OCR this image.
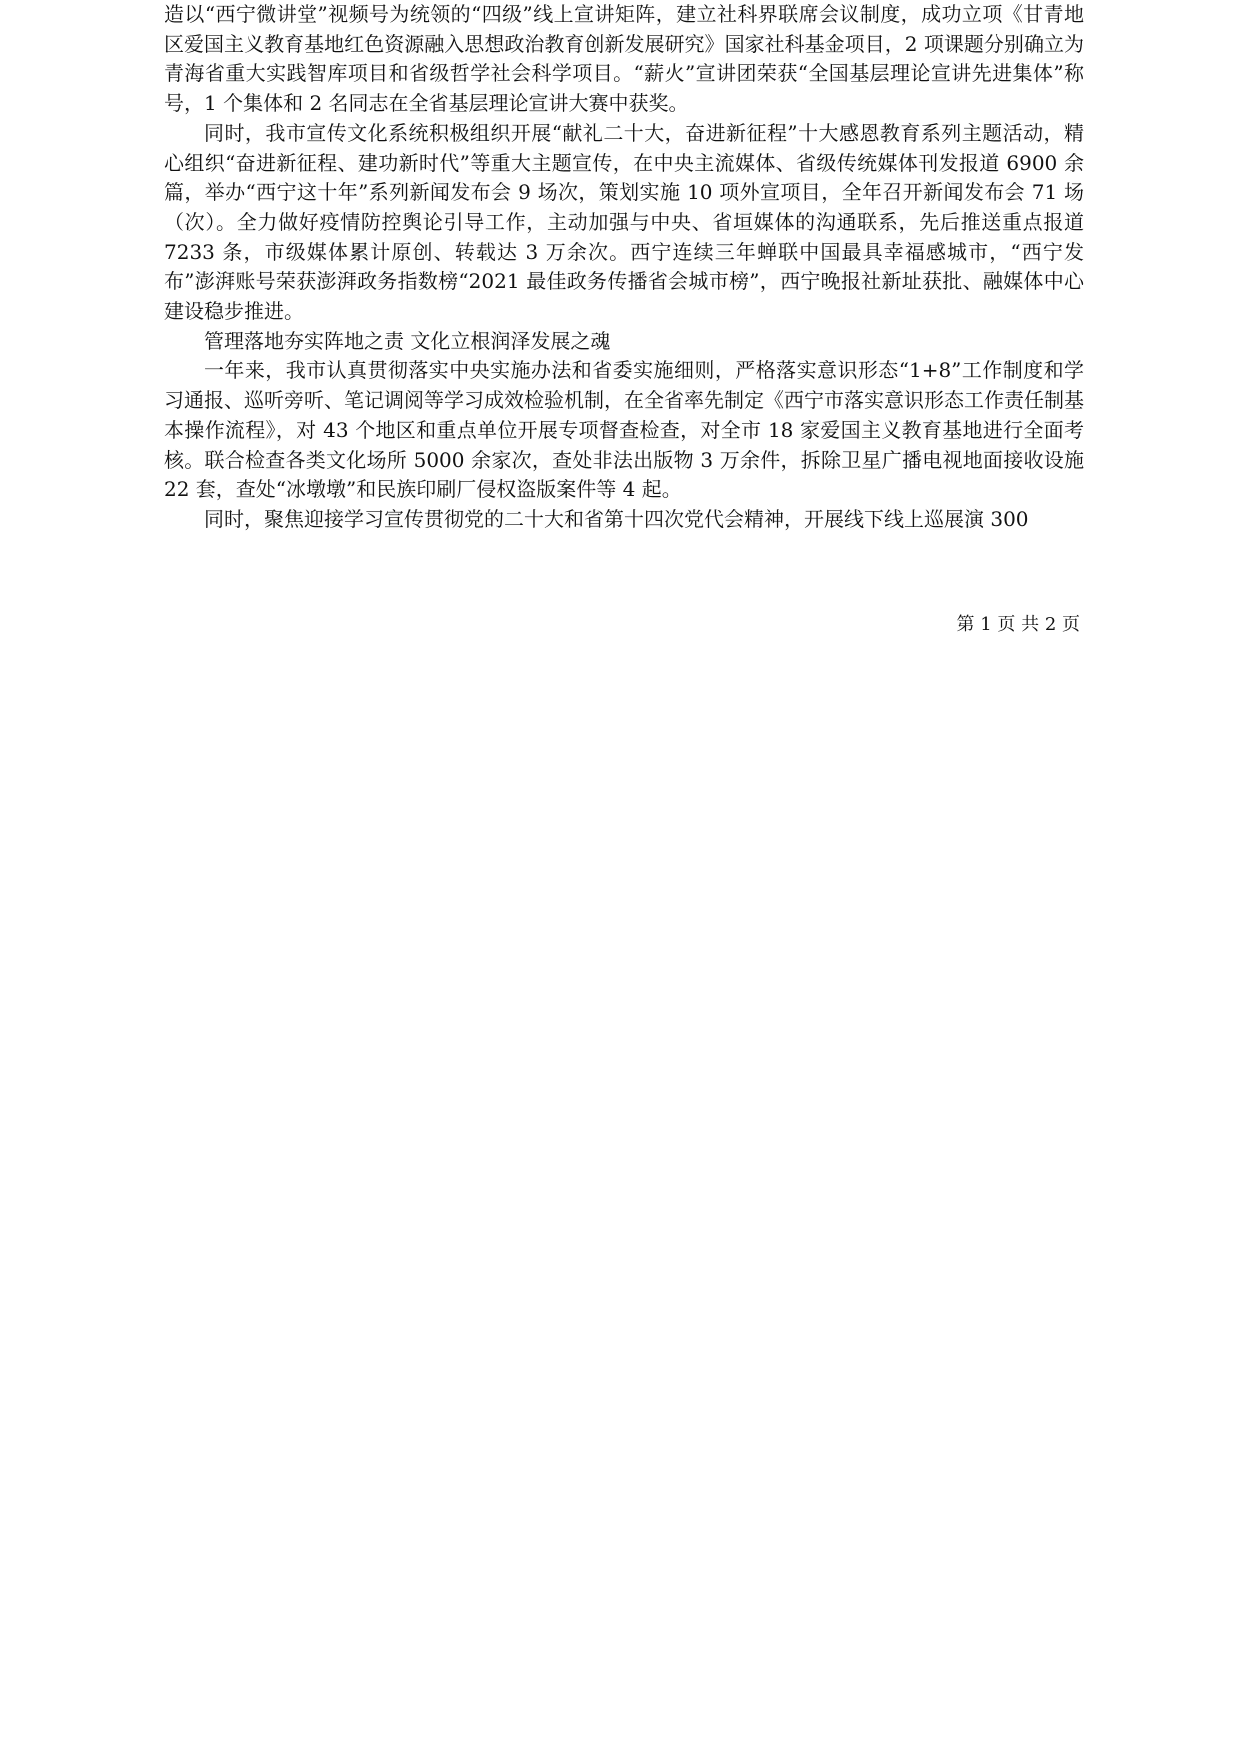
造以“西宁微讲堂”视频号为统领的“四级”线上宣讲矩阵，建立社科界联席会议制度，成功立项《甘青地区爱国主义教育基地红色资源融入思想政治教育创新发展研究》国家社科基金项目，2 项课题分别确立为青海省重大实践智库项目和省级哲学社会科学项目。“薪火”宣讲团荣获“全国基层理论宣讲先进集体”称号，1 个集体和 2 名同志在全省基层理论宣讲大赛中获奖。

同时，我市宣传文化系统积极组织开展“献礼二十大，奋进新征程”十大感恩教育系列主题活动，精心组织“奋进新征程、建功新时代”等重大主题宣传，在中央主流媒体、省级传统媒体刊发报道 6900 余篇，举办“西宁这十年”系列新闻发布会 9 场次，策划实施 10 项外宣项目，全年召开新闻发布会 71 场（次）。全力做好疫情防控舆论引导工作，主动加强与中央、省垣媒体的沟通联系，先后推送重点报道 7233 条，市级媒体累计原创、转载达 3 万余次。西宁连续三年蝉联中国最具幸福感城市，“西宁发布”澎湃账号荣获澎湃政务指数榜“2021 最佳政务传播省会城市榜”，西宁晚报社新址获批、融媒体中心建设稳步推进。

管理落地夯实阵地之责 文化立根润泽发展之魂

一年来，我市认真贯彻落实中央实施办法和省委实施细则，严格落实意识形态“1+8”工作制度和学习通报、巡听旁听、笔记调阅等学习成效检验机制，在全省率先制定《西宁市落实意识形态工作责任制基本操作流程》，对 43 个地区和重点单位开展专项督查检查，对全市 18 家爱国主义教育基地进行全面考核。联合检查各类文化场所 5000 余家次，查处非法出版物 3 万余件，拆除卫星广播电视地面接收设施 22 套，查处“冰墩墩”和民族印刷厂侵权盗版案件等 4 起。

同时，聚焦迎接学习宣传贯彻党的二十大和省第十四次党代会精神，开展线下线上巡展演 300

第 1 页 共 2 页
